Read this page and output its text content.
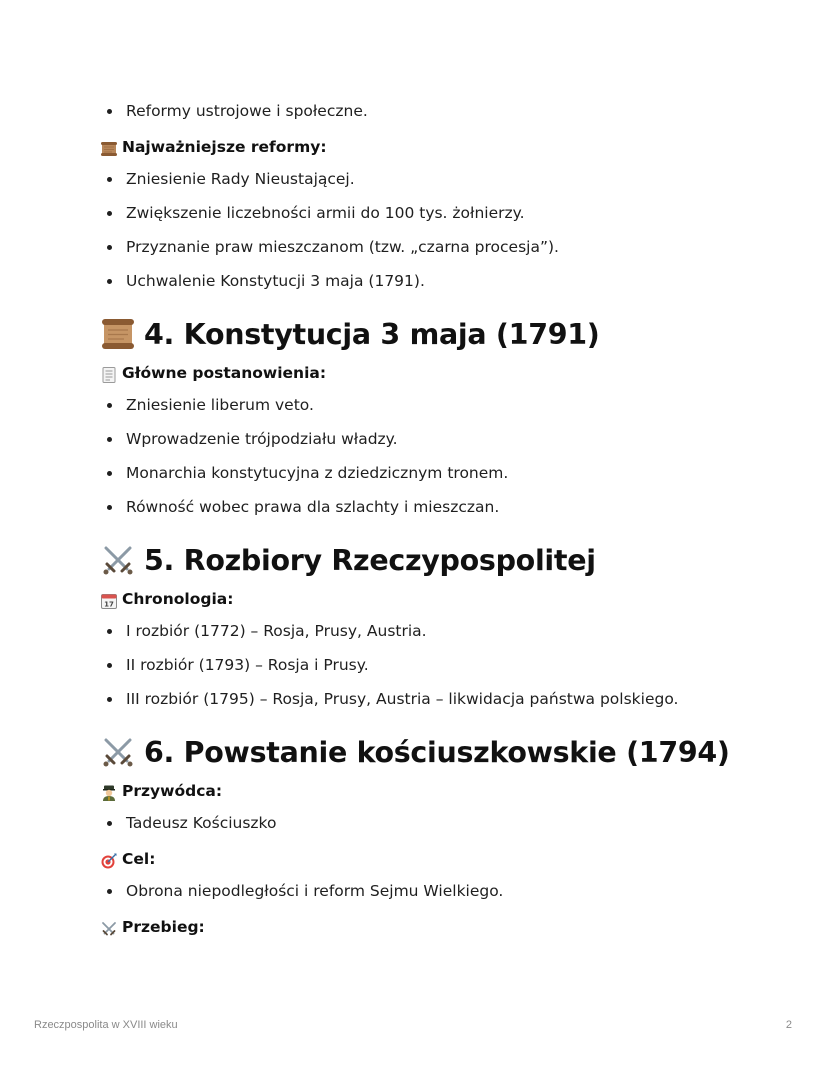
Reformy ustrojowe i społeczne.
Najważniejsze reformy:
Zniesienie Rady Nieustającej.
Zwiększenie liczebności armii do 100 tys. żołnierzy.
Przyznanie praw mieszczanom (tzw. „czarna procesja”).
Uchwalenie Konstytucji 3 maja (1791).
4. Konstytucja 3 maja (1791)
Główne postanowienia:
Zniesienie liberum veto.
Wprowadzenie trójpodziału władzy.
Monarchia konstytucyjna z dziedzicznym tronem.
Równość wobec prawa dla szlachty i mieszczan.
5. Rozbiory Rzeczypospolitej
17 Chronologia:
I rozbiór (1772) – Rosja, Prusy, Austria.
II rozbiór (1793) – Rosja i Prusy.
III rozbiór (1795) – Rosja, Prusy, Austria – likwidacja państwa polskiego.
6. Powstanie kościuszkowskie (1794)
Przywódca:
Tadeusz Kościuszko
Cel:
Obrona niepodległości i reform Sejmu Wielkiego.
Przebieg:
Rzeczpospolita w XVIII wieku	2
